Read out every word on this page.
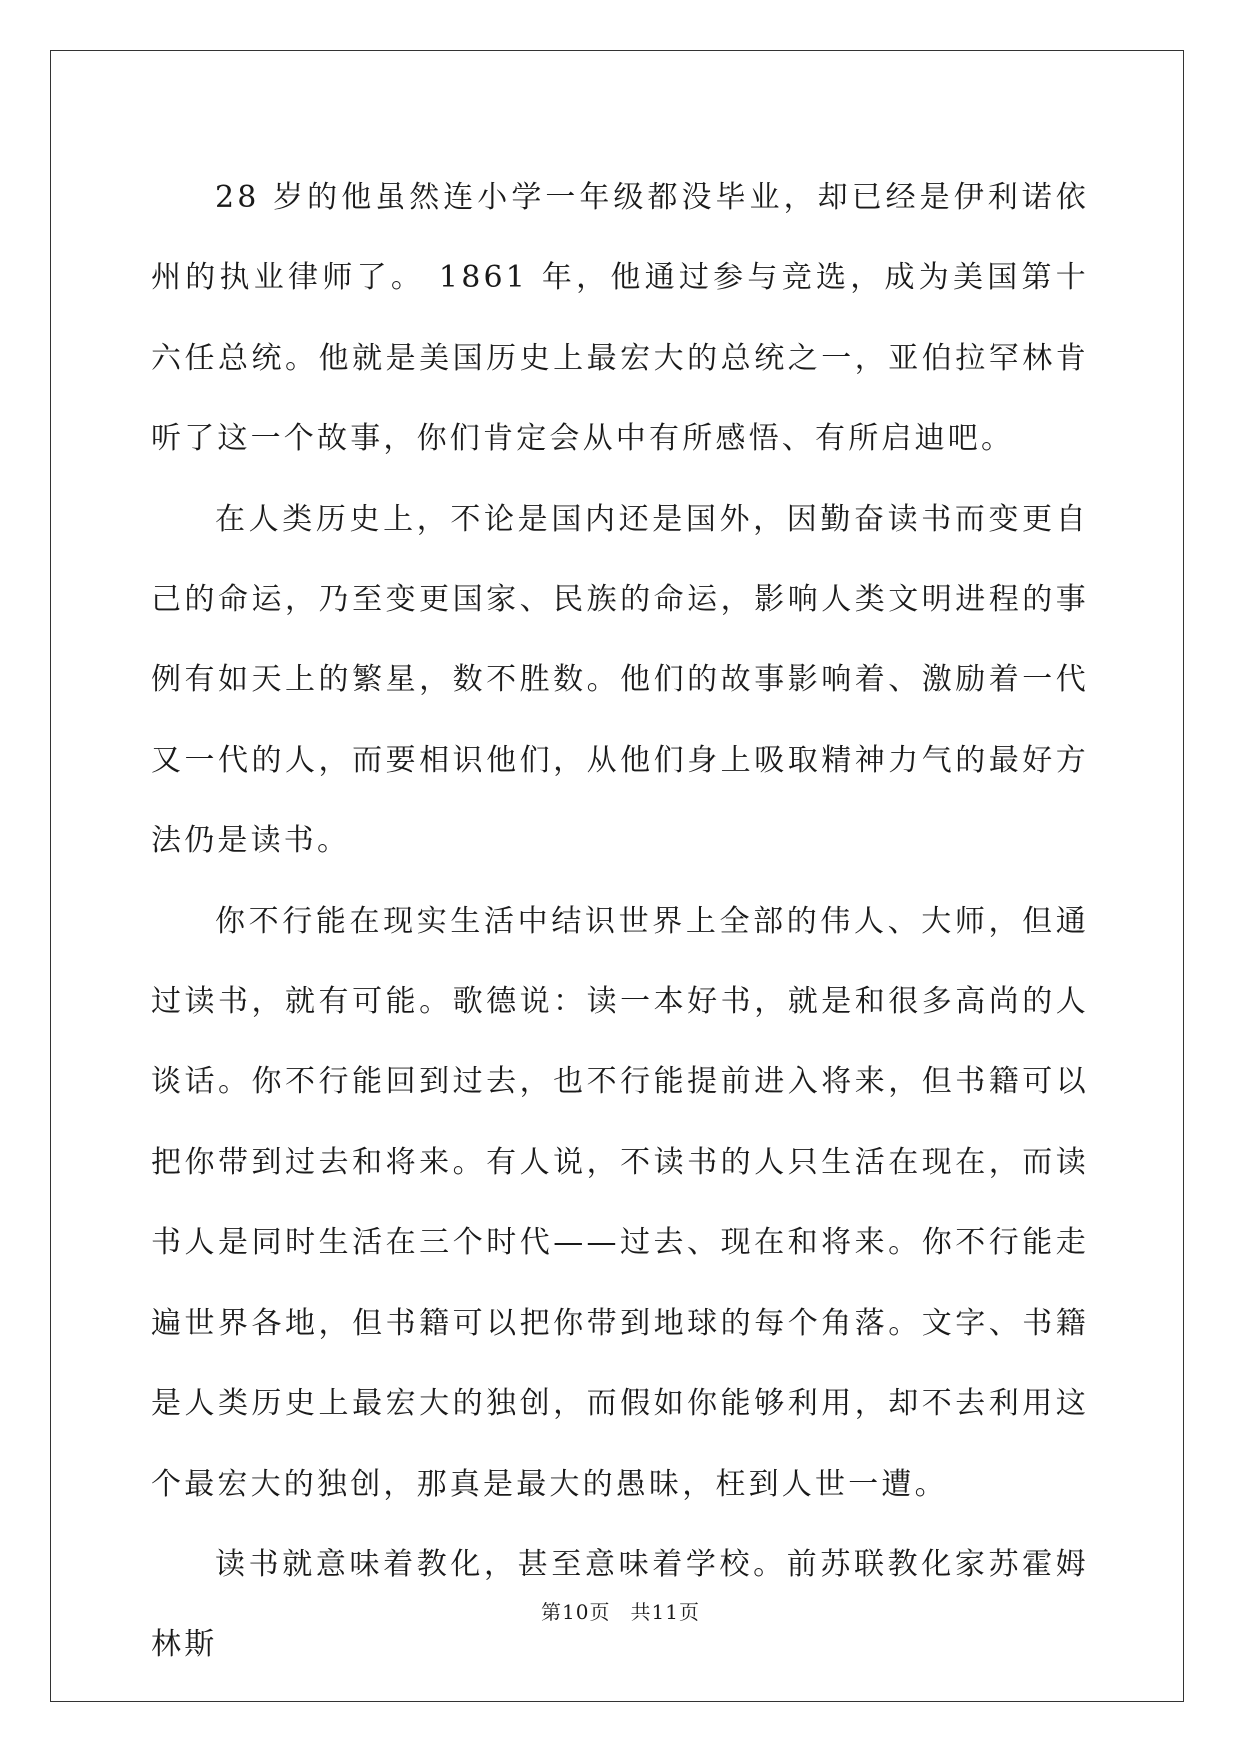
28 岁的他虽然连小学一年级都没毕业，却已经是伊利诺依州的执业律师了。 1861 年，他通过参与竞选，成为美国第十六任总统。他就是美国历史上最宏大的总统之一，亚伯拉罕林肯听了这一个故事，你们肯定会从中有所感悟、有所启迪吧。

在人类历史上，不论是国内还是国外，因勤奋读书而变更自己的命运，乃至变更国家、民族的命运，影响人类文明进程的事例有如天上的繁星，数不胜数。他们的故事影响着、激励着一代又一代的人，而要相识他们，从他们身上吸取精神力气的最好方法仍是读书。

你不行能在现实生活中结识世界上全部的伟人、大师，但通过读书，就有可能。歌德说：读一本好书，就是和很多高尚的人谈话。你不行能回到过去，也不行能提前进入将来，但书籍可以把你带到过去和将来。有人说，不读书的人只生活在现在，而读书人是同时生活在三个时代——过去、现在和将来。你不行能走遍世界各地，但书籍可以把你带到地球的每个角落。文字、书籍是人类历史上最宏大的独创，而假如你能够利用，却不去利用这个最宏大的独创，那真是最大的愚昧，枉到人世一遭。

读书就意味着教化，甚至意味着学校。前苏联教化家苏霍姆林斯

第10页 共11页
